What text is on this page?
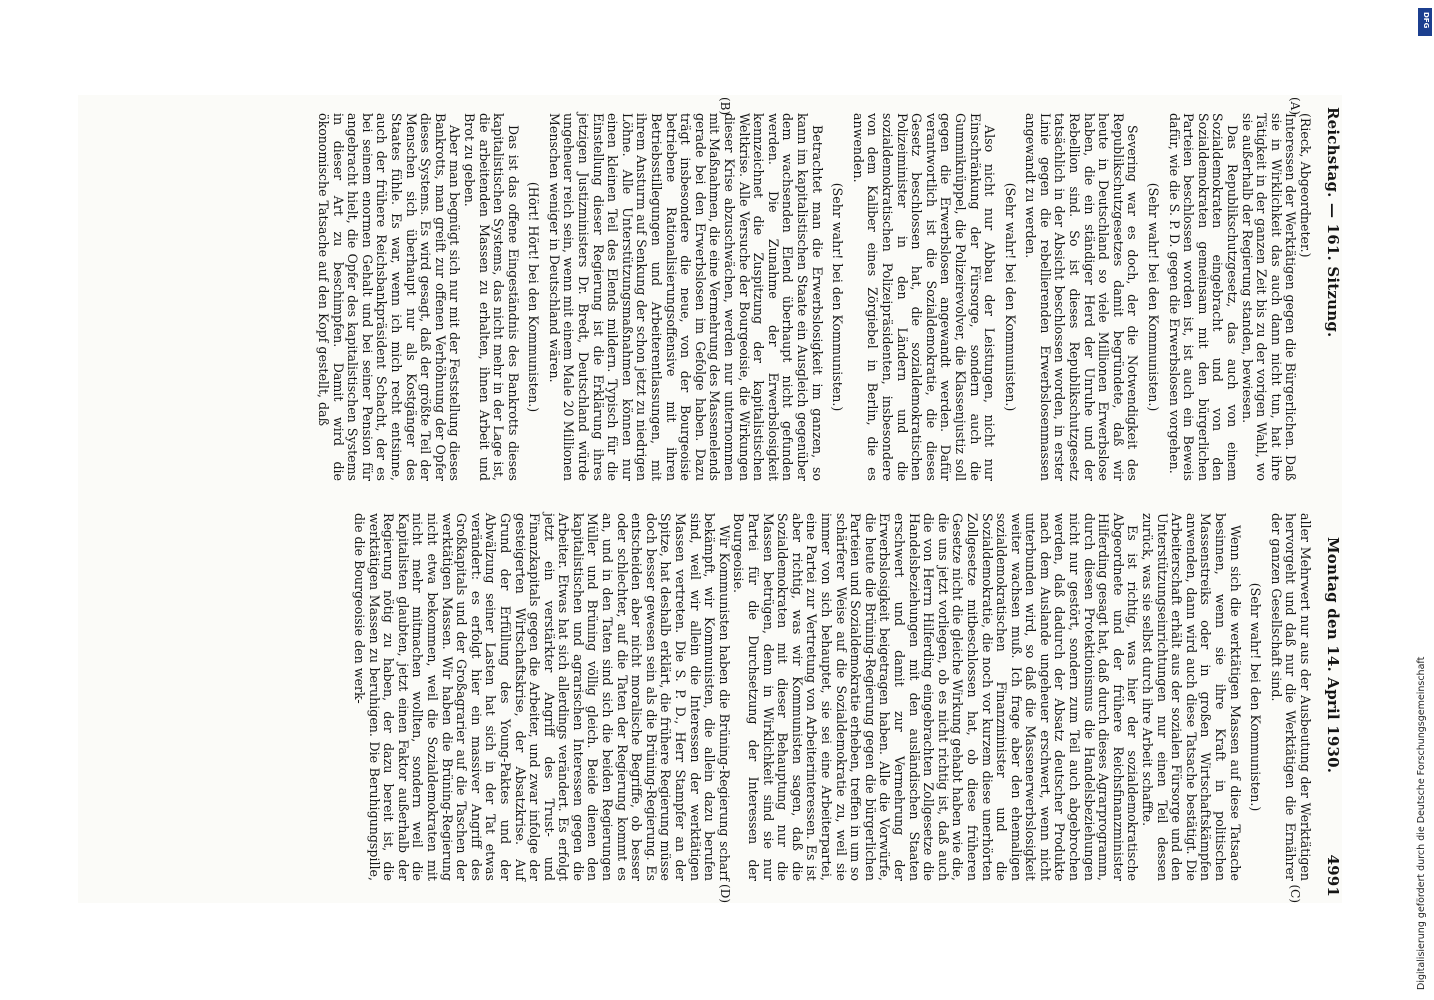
Reichstag. — 161. Sitzung.
Montag den 14. April 1930.
4991
(A)
(B)
(C)
(D)

(Rieck, Abgeordneter.)

Interessen der Werktätigen gegen die Bürgerlichen. Daß sie in Wirklichkeit das auch dann nicht tun, hat ihre Tätigkeit in der ganzen Zeit bis zu der vorigen Wahl, wo sie außerhalb der Regierung standen, bewiesen.

Das Republikschutzgesetz, das auch von einem Sozialdemokraten eingebracht und von den Sozialdemokraten gemeinsam mit den bürgerlichen Parteien beschlossen worden ist, ist auch ein Beweis dafür, wie die S. P. D. gegen die Erwerbslosen vorgehen.

(Sehr wahr! bei den Kommunisten.)

Severing war es doch, der die Notwendigkeit des Republikschutzgesetzes damit begründete, daß wir heute in Deutschland so viele Millionen Erwerbslose haben, die ein ständiger Herd der Unruhe und der Rebellion sind. So ist dieses Republikschutzgesetz tatsächlich in der Absicht beschlossen worden, in erster Linie gegen die rebellierenden Erwerbslosenmassen angewandt zu werden.

(Sehr wahr! bei den Kommunisten.)

Also nicht nur Abbau der Leistungen, nicht nur Einschränkung der Fürsorge, sondern auch die Gummiknüppel, die Polizeirevolver, die Klassenjustiz soll gegen die Erwerbslosen angewandt werden. Dafür verantwortlich ist die Sozialdemokratie, die dieses Gesetz beschlossen hat, die sozialdemokratischen Polizeiminister in den Ländern und die sozialdemokratischen Polizeipräsidenten, insbesondere von dem Kaliber eines Zörgiebel in Berlin, die es anwenden.

(Sehr wahr! bei den Kommunisten.)

Betrachtet man die Erwerbslosigkeit im ganzen, so kann im kapitalistischen Staate ein Ausgleich gegenüber dem wachsenden Elend überhaupt nicht gefunden werden. Die Zunahme der Erwerbslosigkeit kennzeichnet die Zuspitzung der kapitalistischen Weltkrise. Alle Versuche der Bourgeoisie, die Wirkungen dieser Krise abzuschwächen, werden nur unternommen mit Maßnahmen, die eine Vermehrung des Massenelends gerade bei den Erwerbslosen im Gefolge haben. Dazu trägt insbesondere die neue, von der Bourgeoisie betriebene Rationalisierungsoffensive mit ihren Betriebsstillegungen und Arbeiterentlassungen, mit ihrem Ansturm auf Senkung der schon jetzt zu niedrigen Löhne. Alle Unterstützungsmaßnahmen können nur einen kleinen Teil des Elends mildern. Typisch für die Einstellung dieser Regierung ist die Erklärung ihres jetzigen Justizministers Dr. Bredt, Deutschland würde ungeheuer reich sein, wenn mit einem Male 20 Millionen Menschen weniger in Deutschland wären.

(Hört! Hört! bei den Kommunisten.)

Das ist das offene Eingeständnis des Bankrotts dieses kapitalistischen Systems, das nicht mehr in der Lage ist, die arbeitenden Massen zu erhalten, ihnen Arbeit und Brot zu geben.

Aber man begnügt sich nur mit der Feststellung dieses Bankrotts, man greift zur offenen Verhöhnung der Opfer dieses Systems. Es wird gesagt, daß der größte Teil der Menschen sich überhaupt nur als Kostgänger des Staates fühle. Es war, wenn ich mich recht entsinne, auch der frühere Reichsbankpräsident Schacht, der es bei seinem enormen Gehalt und bei seiner Pension für angebracht hielt, die Opfer des kapitalistischen Systems in dieser Art zu beschimpfen. Damit wird die ökonomische Tatsache auf den Kopf gestellt, daß

aller Mehrwert nur aus der Ausbeutung der Werktätigen hervorgeht und daß nur die Werktätigen die Ernährer der ganzen Gesellschaft sind.

(Sehr wahr! bei den Kommunisten.)

Wenn sich die werktätigen Massen auf diese Tatsache besinnen, wenn sie ihre Kraft in politischen Massenstreiks oder in großen Wirtschaftskämpfen anwenden, dann wird auch diese Tatsache bestätigt. Die Arbeiterschaft erhält aus der sozialen Fürsorge und den Unterstützungseinrichtungen nur einen Teil dessen zurück, was sie selbst durch ihre Arbeit schaffte.

Es ist richtig, was hier der sozialdemokratische Abgeordnete und der frühere Reichsfinanzminister Hilferding gesagt hat, daß durch dieses Agrarprogramm, durch diesen Protektionismus die Handelsbeziehungen nicht nur gestört, sondern zum Teil auch abgebrochen werden, daß dadurch der Absatz deutscher Produkte nach dem Auslande ungeheuer erschwert, wenn nicht unterbunden wird, so daß die Massenerwerbslosigkeit weiter wachsen muß. Ich frage aber den ehemaligen sozialdemokratischen Finanzminister und die Sozialdemokratie, die noch vor kurzem diese unerhörten Zollgesetze mitbeschlossen hat, ob diese früheren Gesetze nicht die gleiche Wirkung gehabt haben wie die, die uns jetzt vorliegen, ob es nicht richtig ist, daß auch die von Herrn Hilferding eingebrachten Zollgesetze die Handelsbeziehungen mit den ausländischen Staaten erschwert und damit zur Vermehrung der Erwerbslosigkeit beigetragen haben. Alle die Vorwürfe, die heute die Brüning-Regierung gegen die bürgerlichen Parteien und Sozialdemokratie erheben, treffen in um so schärferer Weise auf die Sozialdemokratie zu, weil sie immer von sich behauptet, sie sei eine Arbeiterpartei, eine Partei zur Vertretung von Arbeiterinteressen. Es ist aber richtig, was wir Kommunisten sagen, daß die Sozialdemokraten mit dieser Behauptung nur die Massen betrügen, denn in Wirklichkeit sind sie nur Partei für die Durchsetzung der Interessen der Bourgeoisie.

Wir Kommunisten haben die Brüning-Regierung scharf bekämpft, wir Kommunisten, die allein dazu berufen sind, weil wir allein die Interessen der werktätigen Massen vertreten. Die S. P. D., Herr Stampfer an der Spitze, hat deshalb erklärt, die frühere Regierung müsse doch besser gewesen sein als die Brüning-Regierung. Es entscheiden aber nicht moralische Begriffe, ob besser oder schlechter, auf die Taten der Regierung kommt es an, und in den Taten sind sich die beiden Regierungen Müller und Brüning völlig gleich. Beide dienen den kapitalistischen und agrarischen Interessen gegen die Arbeiter. Etwas hat sich allerdings verändert. Es erfolgt jetzt ein verstärkter Angriff des Trust- und Finanzkapitals gegen die Arbeiter, und zwar infolge der gesteigerten Wirtschaftskrise, der Absatzkrise. Auf Grund der Erfüllung des Young-Paktes und der Abwälzung seiner Lasten hat sich in der Tat etwas verändert: es erfolgt hier ein massiver Angriff des Großkapitals und der Großagrarier auf die Taschen der werktätigen Massen. Wir haben die Brüning-Regierung nicht etwa bekommen, weil die Sozialdemokraten mit nicht mehr mitmachen wollten, sondern weil die Kapitalisten glaubten, jetzt einen Faktor außerhalb der Regierung nötig zu haben, der dazu bereit ist, die werktätigen Massen zu beruhigen. Die Beruhigungspille, die die Bourgeoisie den werk-

Digitalisierung gefördert durch die Deutsche Forschungsgemeinschaft
DFG
